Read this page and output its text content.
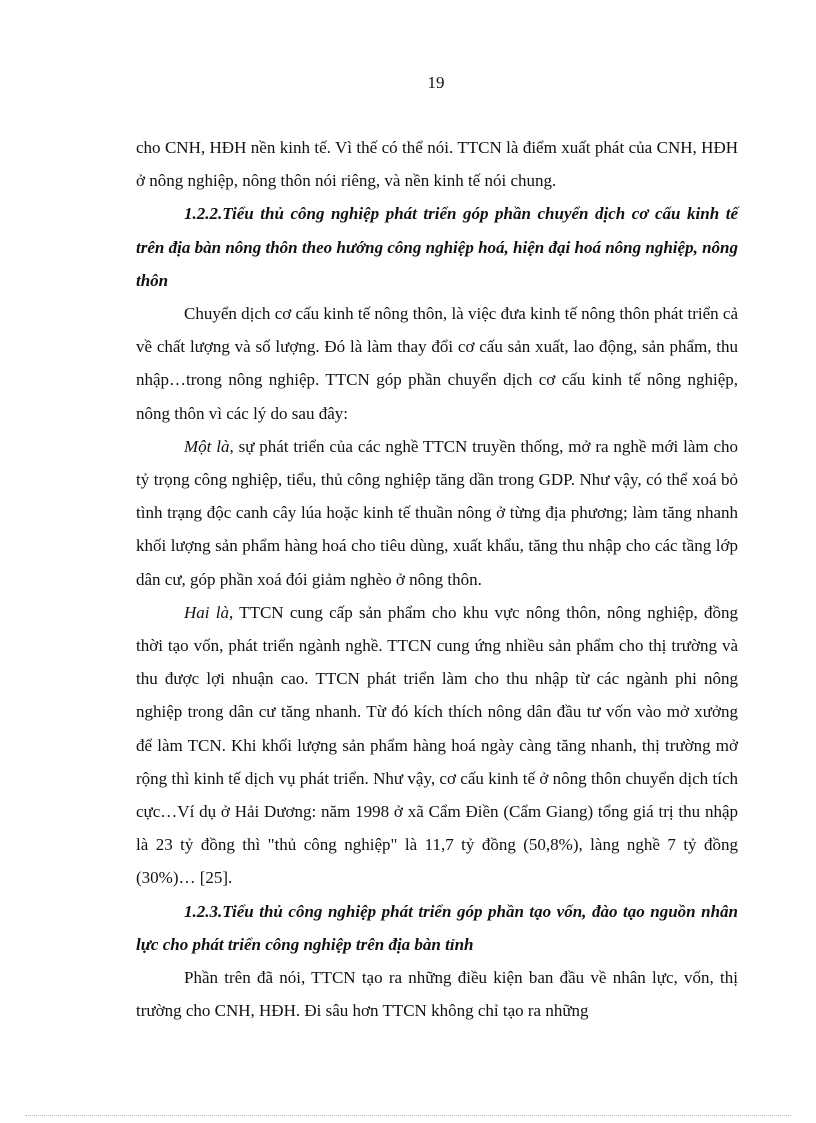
19

cho CNH, HĐH nền kinh tế. Vì thế có thể nói. TTCN là điểm xuất phát của CNH, HĐH ở nông nghiệp, nông thôn nói riêng, và nền kinh tế nói chung.

1.2.2.Tiểu thủ công nghiệp phát triển góp phần chuyển dịch cơ cấu kinh tế trên địa bàn nông thôn theo hướng công nghiệp hoá, hiện đại hoá nông nghiệp, nông thôn

Chuyển dịch cơ cấu kinh tế nông thôn, là việc đưa kinh tế nông thôn phát triển cả về chất lượng và số lượng. Đó là làm thay đổi cơ cấu sản xuất, lao động, sản phẩm, thu nhập…trong nông nghiệp. TTCN góp phần chuyển dịch cơ cấu kinh tế nông nghiệp, nông thôn vì các lý do sau đây:

Một là, sự phát triển của các nghề TTCN truyền thống, mở ra nghề mới làm cho tỷ trọng công nghiệp, tiểu, thủ công nghiệp tăng dần trong GDP. Như vậy, có thể xoá bỏ tình trạng độc canh cây lúa hoặc kinh tế thuần nông ở từng địa phương; làm tăng nhanh khối lượng sản phẩm hàng hoá cho tiêu dùng, xuất khẩu, tăng thu nhập cho các tầng lớp dân cư, góp phần xoá đói giảm nghèo ở nông thôn.

Hai là, TTCN cung cấp sản phẩm cho khu vực nông thôn, nông nghiệp, đồng thời tạo vốn, phát triển ngành nghề. TTCN cung ứng nhiều sản phẩm cho thị trường và thu được lợi nhuận cao. TTCN phát triển làm cho thu nhập từ các ngành phi nông nghiệp trong dân cư tăng nhanh. Từ đó kích thích nông dân đầu tư vốn vào mở xưởng để làm TCN. Khi khối lượng sản phẩm hàng hoá ngày càng tăng nhanh, thị trường mở rộng thì kinh tế dịch vụ phát triển. Như vậy, cơ cấu kinh tế ở nông thôn chuyển dịch tích cực…Ví dụ ở Hải Dương: năm 1998 ở xã Cẩm Điền (Cẩm Giang) tổng giá trị thu nhập là 23 tỷ đồng thì "thủ công nghiệp" là 11,7 tỷ đồng (50,8%), làng nghề 7 tỷ đồng (30%)… [25].

1.2.3.Tiểu thủ công nghiệp phát triển góp phần tạo vốn, đào tạo nguồn nhân lực cho phát triển công nghiệp trên địa bàn tỉnh

Phần trên đã nói, TTCN tạo ra những điều kiện ban đầu về nhân lực, vốn, thị trường cho CNH, HĐH. Đi sâu hơn TTCN không chỉ tạo ra những
